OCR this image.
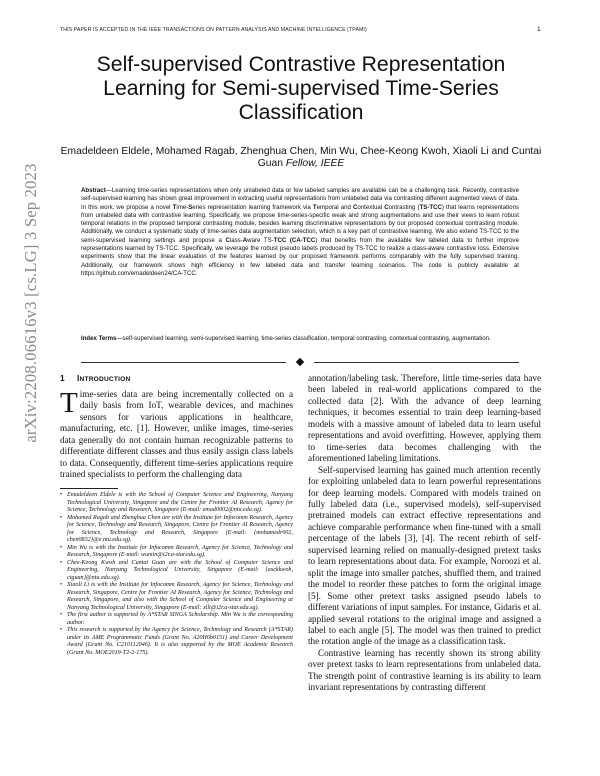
THIS PAPER IS ACCEPTED IN THE IEEE TRANSACTIONS ON PATTERN ANALYSIS AND MACHINE INTELLIGENCE (TPAMI)	1
arXiv:2208.06616v3 [cs.LG] 3 Sep 2023
Self-supervised Contrastive Representation Learning for Semi-supervised Time-Series Classification
Emadeldeen Eldele, Mohamed Ragab, Zhenghua Chen, Min Wu, Chee-Keong Kwoh, Xiaoli Li and Cuntai Guan Fellow, IEEE

Abstract—Learning time-series representations when only unlabeled data or few labeled samples are available can be a challenging task. Recently, contrastive self-supervised learning has shown great improvement in extracting useful representations from unlabeled data via contrasting different augmented views of data. In this work, we propose a novel Time-Series representation learning framework via Temporal and Contextual Contrasting (TS-TCC) that learns representations from unlabeled data with contrastive learning. Specifically, we propose time-series-specific weak and strong augmentations and use their views to learn robust temporal relations in the proposed temporal contrasting module, besides learning discriminative representations by our proposed contextual contrasting module. Additionally, we conduct a systematic study of time-series data augmentation selection, which is a key part of contrastive learning. We also extend TS-TCC to the semi-supervised learning settings and propose a Class-Aware TS-TCC (CA-TCC) that benefits from the available few labeled data to further improve representations learned by TS-TCC. Specifically, we leverage the robust pseudo labels produced by TS-TCC to realize a class-aware contrastive loss. Extensive experiments show that the linear evaluation of the features learned by our proposed framework performs comparably with the fully supervised training. Additionally, our framework shows high efficiency in few labeled data and transfer learning scenarios. The code is publicly available at https://github.com/emadeldeen24/CA-TCC.

Index Terms—self-supervised learning, semi-supervised learning, time-series classification, temporal contrasting, contextual contrasting, augmentation.
1 INTRODUCTION

Time-series data are being incrementally collected on a daily basis from IoT, wearable devices, and machines sensors for various applications in healthcare, manufacturing, etc. [1]. However, unlike images, time-series data generally do not contain human recognizable patterns to differentiate different classes and thus easily assign class labels to data. Consequently, different time-series applications require trained specialists to perform the challenging data

• Emadeldeen Eldele is with the School of Computer Science and Engineering, Nanyang Technological University, Singapore and the Centre for Frontier AI Research, Agency for Science, Technology and Research, Singapore (E-mail: emad0002@ntu.edu.sg).
• Mohamed Ragab and Zhenghua Chen are with the Institute for Infocomm Research, Agency for Science, Technology and Research, Singapore, Centre for Frontier AI Research, Agency for Science, Technology and Research, Singapore (E-mail: {mohamedr002, chen0832}@e.ntu.edu.sg).
• Min Wu is with the Institute for Infocomm Research, Agency for Science, Technology and Research, Singapore (E-mail: wumin@i2r.a-star.edu.sg).
• Chee-Keong Kwoh and Cuntai Guan are with the School of Computer Science and Engineering, Nanyang Technological University, Singapore (E-mail: {asckkwoh, ctguan}@ntu.edu.sg).
• Xiaoli Li is with the Institute for Infocomm Research, Agency for Science, Technology and Research, Singapore, Centre for Frontier AI Research, Agency for Science, Technology and Research, Singapore, and also with the School of Computer Science and Engineering at Nanyang Technological University, Singapore (E-mail: xlli@i2r.a-star.edu.sg).
• The first author is supported by A*STAR SINGA Scholarship. Min Wu is the corresponding author.
• This research is supported by the Agency for Science, Technology and Research (A*STAR) under its AME Programmatic Funds (Grant No. A20H6b0151) and Career Development Award (Grant No. C210112046). It is also supported by the MOE Academic Research (Grant No. MOE2019-T2-2-175).

annotation/labeling task. Therefore, little time-series data have been labeled in real-world applications compared to the collected data [2]. With the advance of deep learning techniques, it becomes essential to train deep learning-based models with a massive amount of labeled data to learn useful representations and avoid overfitting. However, applying them to time-series data becomes challenging with the aforementioned labeling limitations.

Self-supervised learning has gained much attention recently for exploiting unlabeled data to learn powerful representations for deep learning models. Compared with models trained on fully labeled data (i.e., supervised models), self-supervised pretrained models can extract effective representations and achieve comparable performance when fine-tuned with a small percentage of the labels [3], [4]. The recent rebirth of self-supervised learning relied on manually-designed pretext tasks to learn representations about data. For example, Noroozi et al. split the image into smaller patches, shuffled them, and trained the model to reorder these patches to form the original image [5]. Some other pretext tasks assigned pseudo labels to different variations of input samples. For instance, Gidaris et al. applied several rotations to the original image and assigned a label to each angle [5]. The model was then trained to predict the rotation angle of the image as a classification task.

Contrastive learning has recently shown its strong ability over pretext tasks to learn representations from unlabeled data. The strength point of contrastive learning is its ability to learn invariant representations by contrasting different
